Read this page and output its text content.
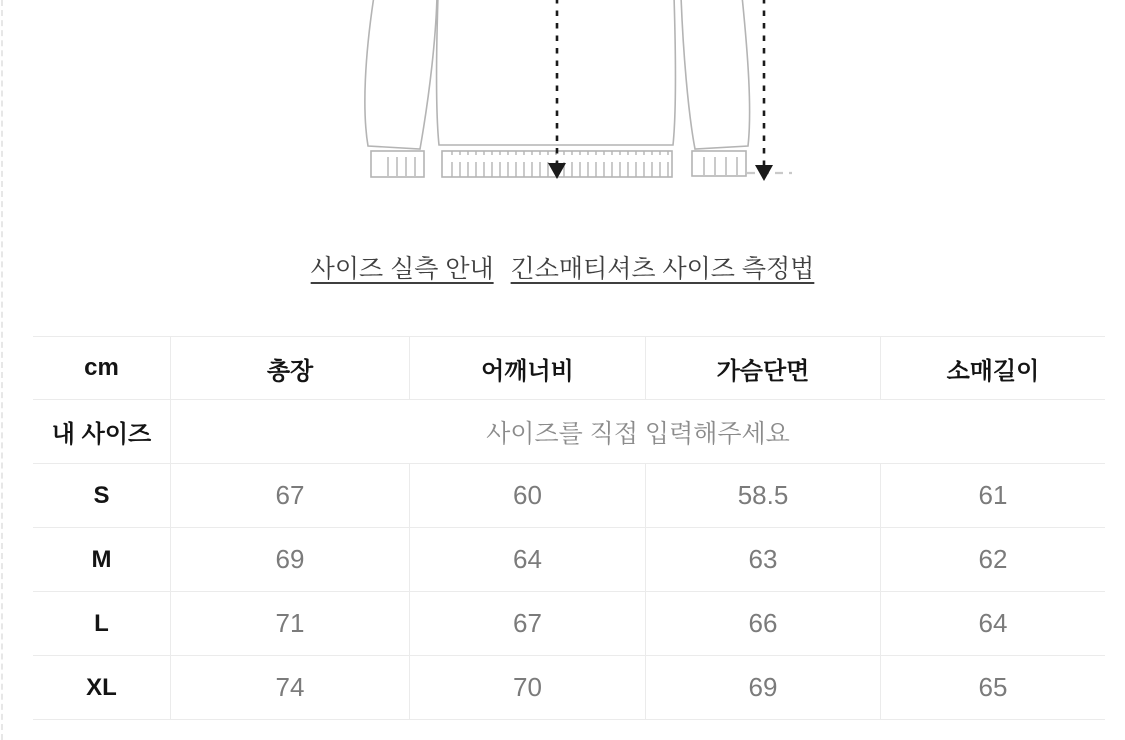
사이즈 실측 안내 긴소매티셔츠 사이즈 측정법
cm	총장	어깨너비	가슴단면	소매길이
내 사이즈	사이즈를 직접 입력해주세요
S	67	60	58.5	61
M	69	64	63	62
L	71	67	66	64
XL	74	70	69	65
